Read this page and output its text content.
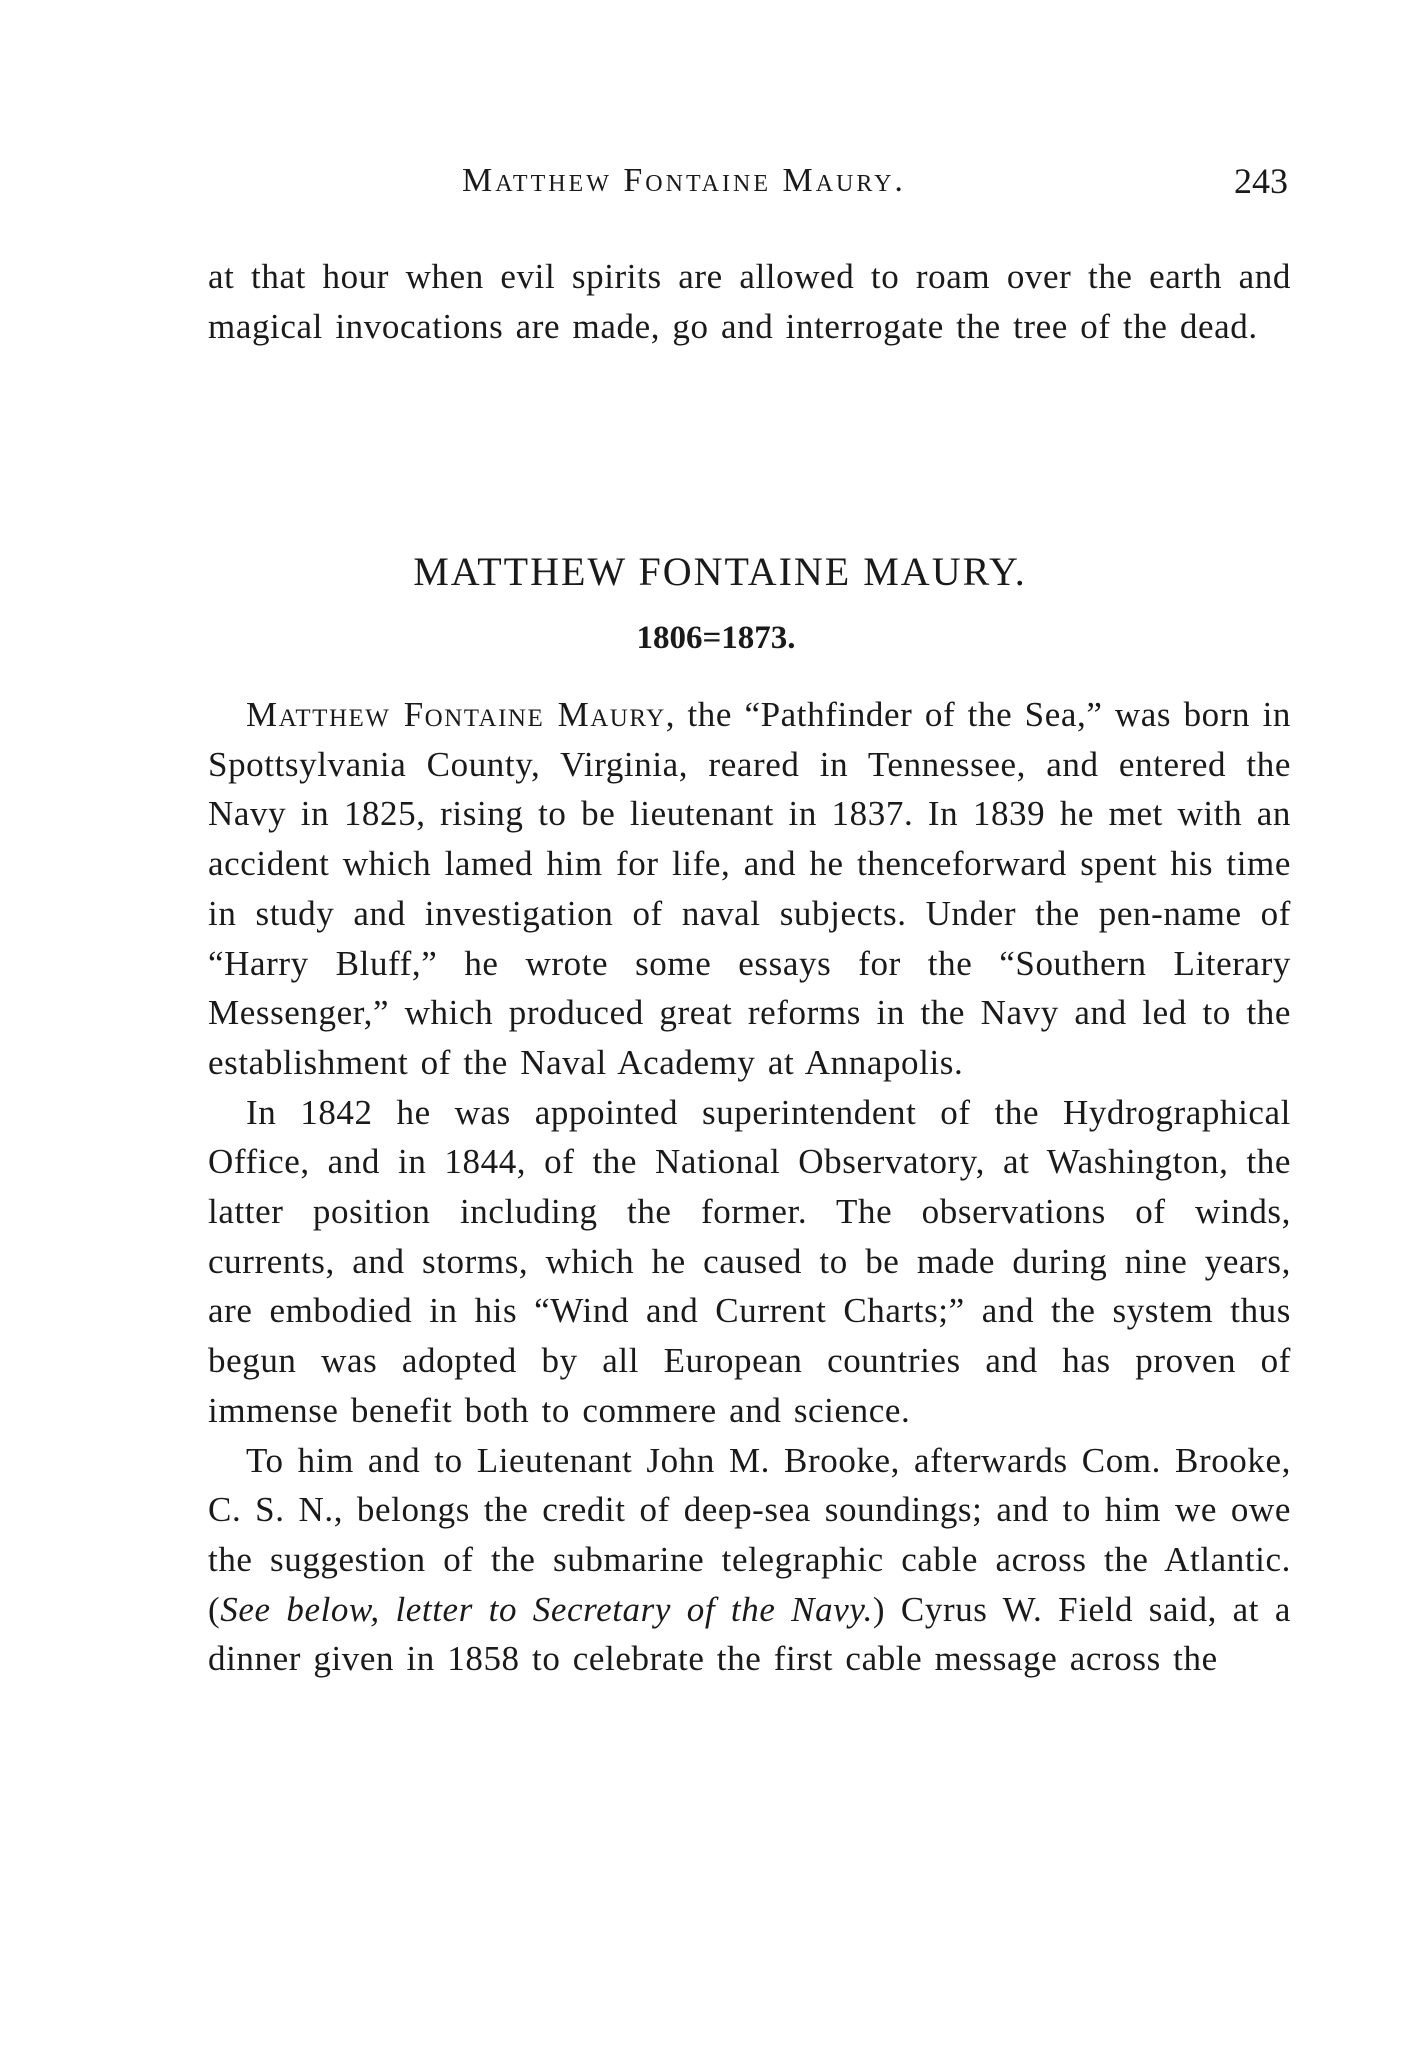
Matthew Fontaine Maury.	243

at that hour when evil spirits are allowed to roam over the earth and magical invocations are made, go and interrogate the tree of the dead.

MATTHEW FONTAINE MAURY.
1806=1873.

Matthew Fontaine Maury, the “Pathfinder of the Sea,” was born in Spottsylvania County, Virginia, reared in Tennessee, and entered the Navy in 1825, rising to be lieutenant in 1837. In 1839 he met with an accident which lamed him for life, and he thenceforward spent his time in study and investigation of naval subjects. Under the pen-name of “Harry Bluff,” he wrote some essays for the “Southern Literary Messenger,” which produced great reforms in the Navy and led to the establishment of the Naval Academy at Annapolis.

In 1842 he was appointed superintendent of the Hydrographical Office, and in 1844, of the National Observatory, at Washington, the latter position including the former. The observations of winds, currents, and storms, which he caused to be made during nine years, are embodied in his “Wind and Current Charts;” and the system thus begun was adopted by all European countries and has proven of immense benefit both to commere and science.

To him and to Lieutenant John M. Brooke, afterwards Com. Brooke, C. S. N., belongs the credit of deep-sea soundings; and to him we owe the suggestion of the submarine telegraphic cable across the Atlantic. (See below, letter to Secretary of the Navy.) Cyrus W. Field said, at a dinner given in 1858 to celebrate the first cable message across the
